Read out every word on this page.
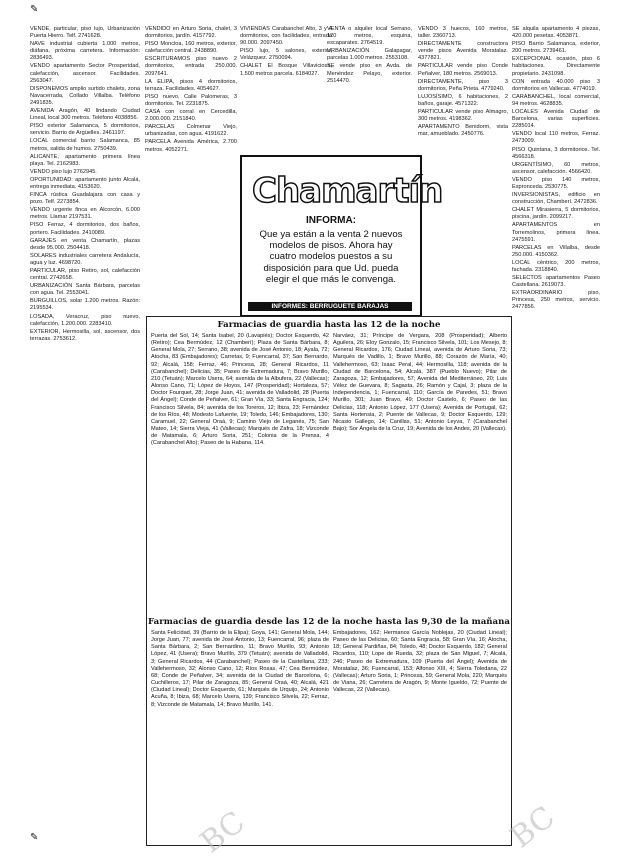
VENDE, particular, piso lujo, Urbanización Puerta Hierro. Telf. 2741628.

NAVE industrial cubierta 1.000 metros, diáfana, próxima carretera. Información: 2836493.

VENDO apartamento Sector Prosperidad, calefacción, ascensor. Facilidades. 2563047.

DISPONEMOS amplio surtido chalets, zona Navacerrada, Collado Villalba. Teléfono 2491835.

AVENIDA Aragón, 40 lindando Ciudad Lineal, local 300 metros. Teléfono 4038856.

PISO exterior Salamanca, 5 dormitorios, servicio. Barrio de Argüelles. 2461197.

LOCAL comercial barrio Salamanca, 85 metros, salida de humos. 2750439.

ALICANTE, apartamento primera línea playa. Tel. 2162983.

VENDO piso lujo 2762945.

OPORTUNIDAD: apartamento junto Alcalá, entrega inmediata. 4153620.

FINCA rústica Guadalajara con casa y pozo. Telf. 2273854.

VENDO urgente finca en Alcorcón, 6.000 metros. Llamar 2197531.

PISO Ferraz, 4 dormitorios, dos baños, portero. Facilidades. 2410089.

GARAJES en venta Chamartín, plazas desde 95.000. 2504418.

SOLARES industriales carretera Andalucía, agua y luz. 4698720.

PARTICULAR, piso Retiro, sol, calefacción central. 2742658.

URBANIZACIÓN Santa Bárbara, parcelas con agua. Tel. 2553041.

BURGUILLOS, solar 1.200 metros. Razón: 2195534.

LOSADA, Veracruz, piso nuevo, calefacción, 1.200.000. 2283410.

EXTERIOR, Hermosilla, sol, ascensor, dos terrazas. 2753612.

VENDIDO en Arturo Soria, chalet, 3 dormitorios, jardín. 4157792.

PISO Moncloa, 160 metros, exterior, calefacción central. 2438890.

ESCRITURAMOS piso nuevo 2 dormitorios, entrada 250.000. 2097641.

LA ELIPA, pisos 4 dormitorios, terraza. Facilidades. 4054627.

PISO nuevo, Calle Palomeras, 3 dormitorios. Tel. 2231875.

CASA con corral en Cercedilla, 2.000.000. 2151840.

PARCELAS Colmenar Viejo, urbanizadas, con agua. 4191622.

PARCELA Avenida América, 2.700 metros. 4052271.

VIVIENDAS Carabanchel Alto, 3 y 4 dormitorios, con facilidades, entrada 90.000. 2097450.

PISO lujo, 5 salones, exterior, Velázquez. 2750094.

CHALET El Bosque Villaviciosa, 1.500 metros parcela. 6184027.

VENTA o alquiler local Serrano, 120 metros, esquina, escaparates. 2764519.

URBANIZACIÓN Galapagar, parcelas 1.000 metros. 2553108.

SE vende piso en Avda. de Menéndez Pelayo, exterior. 2514470.

VENDO 3 huecos, 160 metros, taller. 2360713.

DIRECTAMENTE constructora vende pisos Avenida Moratalaz. 4377821.

PARTICULAR vende piso Conde Peñalver, 180 metros. 2569013.

DIRECTAMENTE, piso 3 dormitorios, Peña Prieta. 4779240.

LUJOSÍSIMO, 6 habitaciones, 2 baños, garaje. 4571322.

PARTICULAR vende piso Almagro, 300 metros. 4198362.

APARTAMENTO Benidorm, vista mar, amueblado. 2450776.

SE alquila apartamento 4 piezas, 420.000 pesetas. 4053871.

PISO Barrio Salamanca, exterior, 200 metros. 2739461.

EXCEPCIONAL ocasión, piso 6 habitaciones. Directamente propietario. 2431098.

CON entrada 40.000 piso 3 dormitorios en Vallecas. 4774019.

CARABANCHEL, local comercial, 94 metros. 4628835.

LOCALES Avenida Ciudad de Barcelona, varias superficies. 2285014.

VENDO local 110 metros, Ferraz. 2473009.

PISO Quintana, 3 dormitorios. Tel. 4566318.

URGENTÍSIMO, 60 metros, ascensor, calefacción. 4566420.

VENDO piso 140 metros, Espronceda. 2530775.

INVERSIONISTAS, edificio en construcción, Chamberí. 2472836.

CHALET Mirasierra, 5 dormitorios, piscina, jardín. 2099217.

APARTAMENTOS en Torremolinos, primera línea. 2475591.

PARCELAS en Villalba, desde 250.000. 4150362.

LOCAL céntrico, 200 metros, fachada. 2318840.

SELECTOS apartamentos Paseo Castellana. 2619073.

EXTRAORDINARIO piso, Princesa, 250 metros, servicio. 2477856.

Chamartín
INFORMA:
Que ya están a la venta 2 nuevos modelos de pisos. Ahora hay cuatro modelos puestos a su disposición para que Ud. pueda elegir el que más le convenga.
INFORMES: BERRUGUETE BARAJAS
Farmacias de guardia hasta las 12 de la noche
Puerta del Sol, 14; Santa Isabel, 20 (Lavapiés); Doctor Esquerdo, 42 (Retiro); Cea Bermúdez, 12 (Chamberí); Plaza de Santa Bárbara, 8; General Mola, 27; Serrano, 38; avenida de José Antonio, 18; Ayala, 72; Atocha, 83 (Embajadores); Carretas, 9; Fuencarral, 37; San Bernardo, 92; Alcalá, 158; Ferraz, 46; Princesa, 28; General Ricardos, 11 (Carabanchel); Delicias, 35; Paseo de Extremadura, 7; Bravo Murillo, 210 (Tetuán); Marcelo Usera, 64; avenida de la Albufera, 22 (Vallecas); Alonso Cano, 71; López de Hoyos, 147 (Prosperidad); Hortaleza, 57; Doctor Fourquet, 28; Jorge Juan, 41; avenida de Valladolid, 28 (Puerta del Ángel); Conde de Peñalver, 61; Gran Vía, 33; Santa Engracia, 124; Francisco Silvela, 84; avenida de los Toreros, 12; Ibiza, 23; Fernández de los Ríos, 48; Modesto Lafuente, 19; Toledo, 146; Embajadores, 130; Caramuel, 22; General Oraá, 9; Camino Viejo de Leganés, 75; San Mateo, 14; Sierra Vieja, 41 (Vallecas); Marqués de Zafra, 18; Vizconde de Matamala, 6; Arturo Soria, 251; Colonia de la Prensa, 4 (Carabanchel Alto); Paseo de la Habana, 114.
Narváez, 31; Príncipe de Vergara, 208 (Prosperidad); Alberto Aguilera, 26; Eloy Gonzalo, 15; Francisco Silvela, 101; Los Mesejo, 8; General Ricardos, 176; Ciudad Lineal, avenida de Arturo Soria, 73; Marqués de Vadillo, 1; Bravo Murillo, 88; Corazón de María, 40; Vallehermoso, 63; Isaac Peral, 44; Hermosilla, 118; avenida de la Ciudad de Barcelona, 54; Alcalá, 387 (Pueblo Nuevo); Pilar de Zaragoza, 12; Embajadores, 57; Avenida del Mediterráneo, 20; Luis Vélez de Guevara, 8; Sagasta, 26; Ramón y Cajal, 3; plaza de la Independencia, 1; Fuencarral, 110; García de Paredes, 51; Bravo Murillo, 301; Juan Bravo, 49; Doctor Castelo, 6; Paseo de las Delicias, 118; Antonio López, 177 (Usera); Avenida de Portugal, 62; Santa Hortensia, 2; Puente de Vallecas, 9; Doctor Esquerdo, 129; Nicasio Gallego, 14; Canillas, 51; Antonio Leyva, 7 (Carabanchel Bajo); Sor Ángela de la Cruz, 19; Avenida de los Andes, 20 (Vallecas).
Farmacias de guardia desde las 12 de la noche hasta las 9,30 de la mañana
Santa Felicidad, 39 (Barrio de la Elipa); Goya, 141; General Mola, 144; Jorge Juan, 77; avenida de José Antonio, 13; Fuencarral, 96; plaza de Santa Bárbara, 2; San Bernardino, 11; Bravo Murillo, 93; Antonio López, 41 (Usera); Bravo Murillo, 379 (Tetuán); avenida de Valladolid, 3; General Ricardos, 44 (Carabanchel); Paseo de la Castellana, 233; Vallehermoso, 32; Alonso Cano, 12; Ríos Rosas, 47; Cea Bermúdez, 68; Conde de Peñalver, 34; avenida de la Ciudad de Barcelona, 6; Cuchilleros, 17; Pilar de Zaragoza, 85; General Oraá, 40; Alcalá, 421 (Ciudad Lineal); Doctor Esquerdo, 61; Marqués de Urquijo, 24; Antonio Acuña, 8; Ibiza, 68; Marcelo Usera, 139; Francisco Silvela, 22; Ferraz, 8; Vizconde de Matamala, 14; Bravo Murillo, 141.
Embajadores, 162; Hermanos García Noblejas, 20 (Ciudad Lineal); Paseo de las Delicias, 60; Santa Engracia, 58; Gran Vía, 16; Atocha, 18; General Pardiñas, 84; Toledo, 48; Doctor Esquerdo, 182; General Ricardos, 110; Lope de Rueda, 32; plaza de San Miguel, 7; Alcalá, 246; Paseo de Extremadura, 109 (Puerta del Ángel); Avenida de Moratalaz, 36; Fuencarral, 153; Alfonso XIII, 4; Sierra Toledana, 22 (Vallecas); Arturo Soria, 1; Princesa, 59; General Mola, 220; Marqués de Viana, 26; Carretera de Aragón, 9; Monte Igueldo, 72; Puente de Vallecas, 22 (Vallecas).
✎
✎	BC	BC
